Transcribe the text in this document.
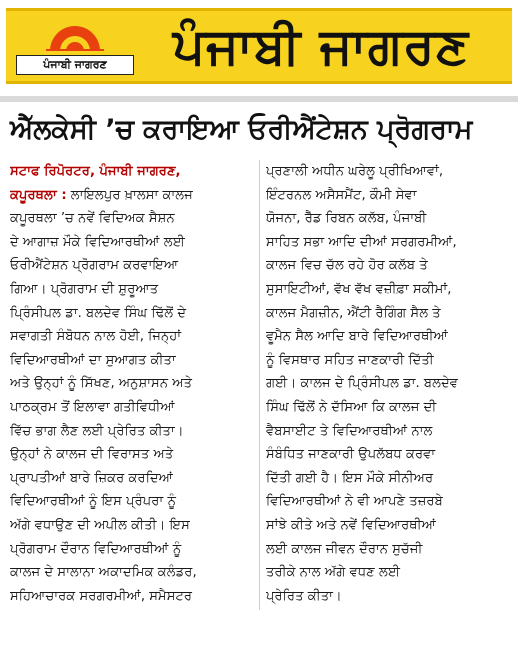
ਪੰਜਾਬੀ ਜਾਗਰਣ	ਪੰਜਾਬੀ ਜਾਗਰਣ
ਐੱਲਕੇਸੀ ’ਚ ਕਰਾਇਆ ਓਰੀਐਂਟੇਸ਼ਨ ਪ੍ਰੋਗਰਾਮ
ਸਟਾਫ ਰਿਪੋਰਟਰ, ਪੰਜਾਬੀ ਜਾਗਰਣ,
ਕਪੂਰਥਲਾ : ਲਾਇਲਪੁਰ ਖ਼ਾਲਸਾ ਕਾਲਜ
ਕਪੂਰਥਲਾ ’ਚ ਨਵੇਂ ਵਿਦਿਅਕ ਸੈਸ਼ਨ
ਦੇ ਆਗਾਜ਼ ਮੌਕੇ ਵਿਦਿਆਰਥੀਆਂ ਲਈ
ਓਰੀਐਂਟੇਸ਼ਨ ਪ੍ਰੋਗਰਾਮ ਕਰਵਾਇਆ
ਗਿਆ। ਪ੍ਰੋਗਰਾਮ ਦੀ ਸ਼ੁਰੂਆਤ
ਪ੍ਰਿੰਸੀਪਲ ਡਾ. ਬਲਦੇਵ ਸਿੰਘ ਢਿੱਲੋਂ ਦੇ
ਸਵਾਗਤੀ ਸੰਬੋਧਨ ਨਾਲ ਹੋਈ, ਜਿਨ੍ਹਾਂ
ਵਿਦਿਆਰਥੀਆਂ ਦਾ ਸੁਆਗਤ ਕੀਤਾ
ਅਤੇ ਉਨ੍ਹਾਂ ਨੂੰ ਸਿੱਖਣ, ਅਨੁਸ਼ਾਸਨ ਅਤੇ
ਪਾਠਕ੍ਰਮ ਤੋਂ ਇਲਾਵਾ ਗਤੀਵਿਧੀਆਂ
ਵਿੱਚ ਭਾਗ ਲੈਣ ਲਈ ਪ੍ਰੇਰਿਤ ਕੀਤਾ।
ਉਨ੍ਹਾਂ ਨੇ ਕਾਲਜ ਦੀ ਵਿਰਾਸਤ ਅਤੇ
ਪ੍ਰਾਪਤੀਆਂ ਬਾਰੇ ਜ਼ਿਕਰ ਕਰਦਿਆਂ
ਵਿਦਿਆਰਥੀਆਂ ਨੂੰ ਇਸ ਪ੍ਰੰਪਰਾ ਨੂੰ
ਅੱਗੇ ਵਧਾਉਣ ਦੀ ਅਪੀਲ ਕੀਤੀ। ਇਸ
ਪ੍ਰੋਗਰਾਮ ਦੌਰਾਨ ਵਿਦਿਆਰਥੀਆਂ ਨੂੰ
ਕਾਲਜ ਦੇ ਸਾਲਾਨਾ ਅਕਾਦਮਿਕ ਕਲੰਡਰ,
ਸਹਿਆਚਾਰਕ ਸਰਗਰਮੀਆਂ, ਸਮੈਸਟਰ
ਪ੍ਰਣਾਲੀ ਅਧੀਨ ਘਰੇਲੂ ਪ੍ਰੀਖਿਆਵਾਂ,
ਇੰਟਰਨਲ ਅਸੈਸਮੈਂਟ, ਕੌਮੀ ਸੇਵਾ
ਯੋਜਨਾ, ਰੈੱਡ ਰਿਬਨ ਕਲੱਬ, ਪੰਜਾਬੀ
ਸਾਹਿਤ ਸਭਾ ਆਦਿ ਦੀਆਂ ਸਰਗਰਮੀਆਂ,
ਕਾਲਜ ਵਿਚ ਚੱਲ ਰਹੇ ਹੋਰ ਕਲੱਬ ਤੇ
ਸੁਸਾਇਟੀਆਂ, ਵੱਖ ਵੱਖ ਵਜ਼ੀਫ਼ਾ ਸਕੀਮਾਂ,
ਕਾਲਜ ਮੈਗਜ਼ੀਨ, ਐਂਟੀ ਰੈਗਿੰਗ ਸੈਲ ਤੇ
ਵੂਮੈਨ ਸੈਲ ਆਦਿ ਬਾਰੇ ਵਿਦਿਆਰਥੀਆਂ
ਨੂੰ ਵਿਸਥਾਰ ਸਹਿਤ ਜਾਣਕਾਰੀ ਦਿੱਤੀ
ਗਈ। ਕਾਲਜ ਦੇ ਪ੍ਰਿੰਸੀਪਲ ਡਾ. ਬਲਦੇਵ
ਸਿੰਘ ਢਿੱਲੋਂ ਨੇ ਦੱਸਿਆ ਕਿ ਕਾਲਜ ਦੀ
ਵੈਬਸਾਈਟ ਤੇ ਵਿਦਿਆਰਥੀਆਂ ਨਾਲ
ਸੰਬੰਧਿਤ ਜਾਣਕਾਰੀ ਉਪਲੱਬਧ ਕਰਵਾ
ਦਿੱਤੀ ਗਈ ਹੈ। ਇਸ ਮੌਕੇ ਸੀਨੀਅਰ
ਵਿਦਿਆਰਥੀਆਂ ਨੇ ਵੀ ਆਪਣੇ ਤਜ਼ਰਬੇ
ਸਾਂਝੇ ਕੀਤੇ ਅਤੇ ਨਵੇਂ ਵਿਦਿਆਰਥੀਆਂ
ਲਈ ਕਾਲਜ ਜੀਵਨ ਦੌਰਾਨ ਸੁਚੱਜੀ
ਤਰੀਕੇ ਨਾਲ ਅੱਗੇ ਵਧਣ ਲਈ
ਪ੍ਰੇਰਿਤ ਕੀਤਾ।
